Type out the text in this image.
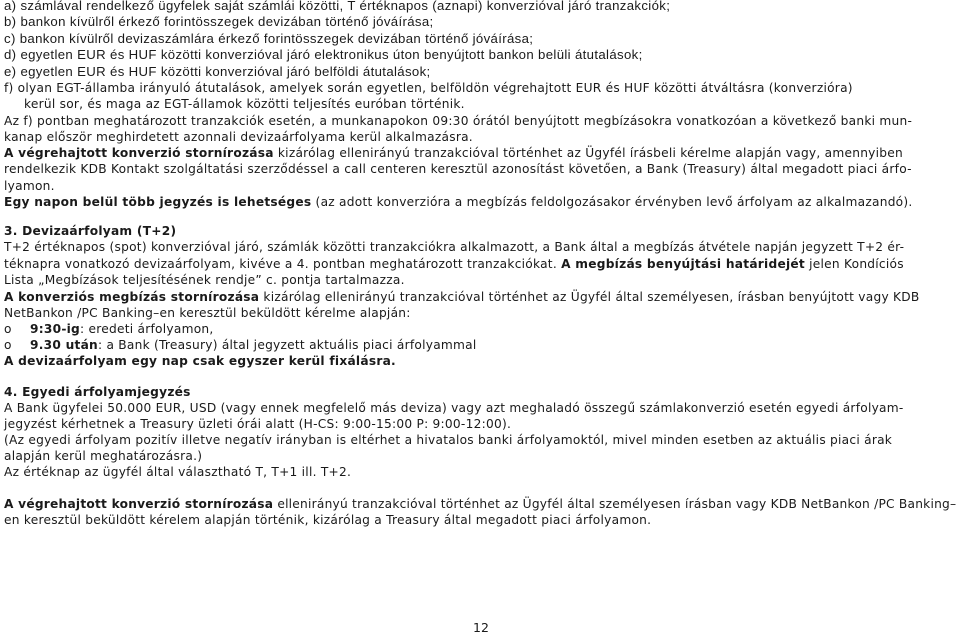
a) számlával rendelkező ügyfelek saját számlái közötti, T értéknapos (aznapi) konverzióval járó tranzakciók;
b) bankon kívülről érkező forintösszegek devizában történő jóváírása;
c) bankon kívülről devizaszámlára érkező forintösszegek devizában történő jóváírása;
d) egyetlen EUR és HUF közötti konverzióval járó elektronikus úton benyújtott bankon belüli átutalások;
e) egyetlen EUR és HUF közötti konverzióval járó belföldi átutalások;
f) olyan EGT-államba irányuló átutalások, amelyek során egyetlen, belföldön végrehajtott EUR és HUF közötti átváltásra (konverzióra)
kerül sor, és maga az EGT-államok közötti teljesítés euróban történik.
Az f) pontban meghatározott tranzakciók esetén, a munkanapokon 09:30 órától benyújtott megbízásokra vonatkozóan a következő banki mun-
kanap először meghirdetett azonnali devizaárfolyama kerül alkalmazásra.
A végrehajtott konverzió stornírozása kizárólag ellenirányú tranzakcióval történhet az Ügyfél írásbeli kérelme alapján vagy, amennyiben
rendelkezik KDB Kontakt szolgáltatási szerződéssel a call centeren keresztül azonosítást követően, a Bank (Treasury) által megadott piaci árfo-
lyamon.
Egy napon belül több jegyzés is lehetséges (az adott konverzióra a megbízás feldolgozásakor érvényben levő árfolyam az alkalmazandó).
3. Devizaárfolyam (T+2)
T+2 értéknapos (spot) konverzióval járó, számlák közötti tranzakciókra alkalmazott, a Bank által a megbízás átvétele napján jegyzett T+2 ér-
téknapra vonatkozó devizaárfolyam, kivéve a 4. pontban meghatározott tranzakciókat. A megbízás benyújtási határidejét jelen Kondíciós
Lista „Megbízások teljesítésének rendje” c. pontja tartalmazza.
A konverziós megbízás stornírozása kizárólag ellenirányú tranzakcióval történhet az Ügyfél által személyesen, írásban benyújtott vagy KDB
NetBankon /PC Banking–en keresztül beküldött kérelme alapján:
o 9:30-ig: eredeti árfolyamon,
o 9.30 után: a Bank (Treasury) által jegyzett aktuális piaci árfolyammal
A devizaárfolyam egy nap csak egyszer kerül fixálásra.
4. Egyedi árfolyamjegyzés
A Bank ügyfelei 50.000 EUR, USD (vagy ennek megfelelő más deviza) vagy azt meghaladó összegű számlakonverzió esetén egyedi árfolyam-
jegyzést kérhetnek a Treasury üzleti órái alatt (H-CS: 9:00-15:00 P: 9:00-12:00).
(Az egyedi árfolyam pozitív illetve negatív irányban is eltérhet a hivatalos banki árfolyamoktól, mivel minden esetben az aktuális piaci árak
alapján kerül meghatározásra.)
Az értéknap az ügyfél által választható T, T+1 ill. T+2.
A végrehajtott konverzió stornírozása ellenirányú tranzakcióval történhet az Ügyfél által személyesen írásban vagy KDB NetBankon /PC Banking–
en keresztül beküldött kérelem alapján történik, kizárólag a Treasury által megadott piaci árfolyamon.
12
